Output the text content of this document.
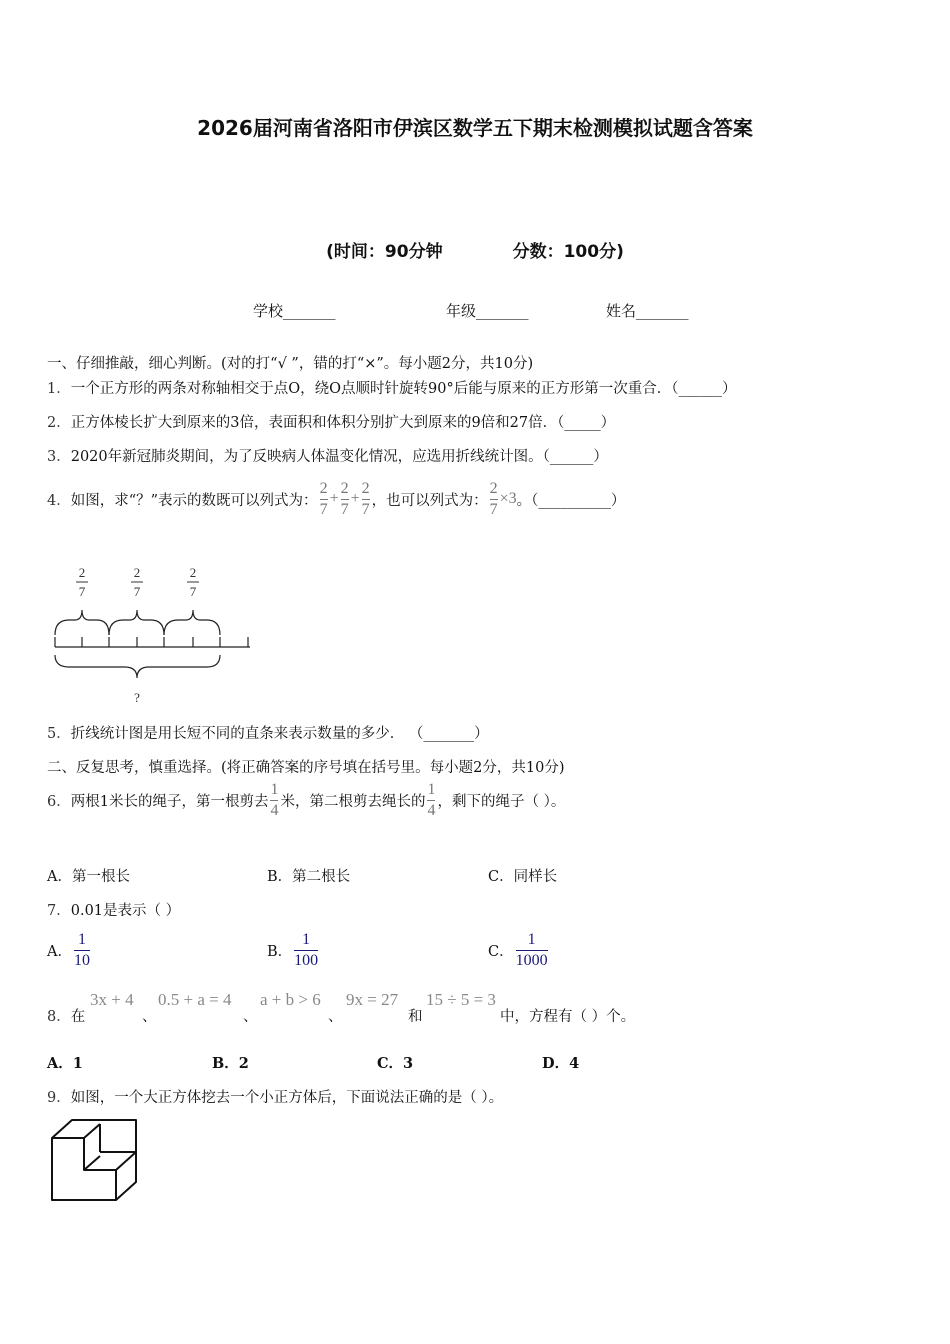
2026届河南省洛阳市伊滨区数学五下期末检测模拟试题含答案
(时间：90分钟	分数：100分)
学校_______	年级_______	姓名_______
一、仔细推敲，细心判断。(对的打“√ ”，错的打“×”。每小题2分，共10分)
1．一个正方形的两条对称轴相交于点O，绕O点顺时针旋转90°后能与原来的正方形第一次重合．（______）
2．正方体棱长扩大到原来的3倍，表面积和体积分别扩大到原来的9倍和27倍．（_____）
3．2020年新冠肺炎期间，为了反映病人体温变化情况，应选用折线统计图。（______）
4． 如图，求“？”表示的数既可以列式为： $\frac{2}{7} + \frac{2}{7} + \frac{2}{7}$ ，也可以列式为： $\frac{2}{7} \times 3$ 。（__________）
2
7
2
7
2
7
?
5．折线统计图是用长短不同的直条来表示数量的多少． （_______）
二、反复思考，慎重选择。(将正确答案的序号填在括号里。每小题2分，共10分)
6． 两根1米长的绳子，第一根剪去 $\frac{1}{4}$ 米，第二根剪去绳长的 $\frac{1}{4}$ ，剩下的绳子（ ）。
A．第一根长	B．第二根长	C．同样长
7．0.01是表示（ ）
A． $\frac{1}{10}$	B． $\frac{1}{100}$	C． $\frac{1}{1000}$
8．在
3x + 4
、
0.5 + a = 4
、
a + b > 6
、
9x = 27
和
15 ÷ 5 = 3
中，方程有（ ）个。
A．1	B．2	C．3	D．4
9．如图，一个大正方体挖去一个小正方体后，下面说法正确的是（ ）。
